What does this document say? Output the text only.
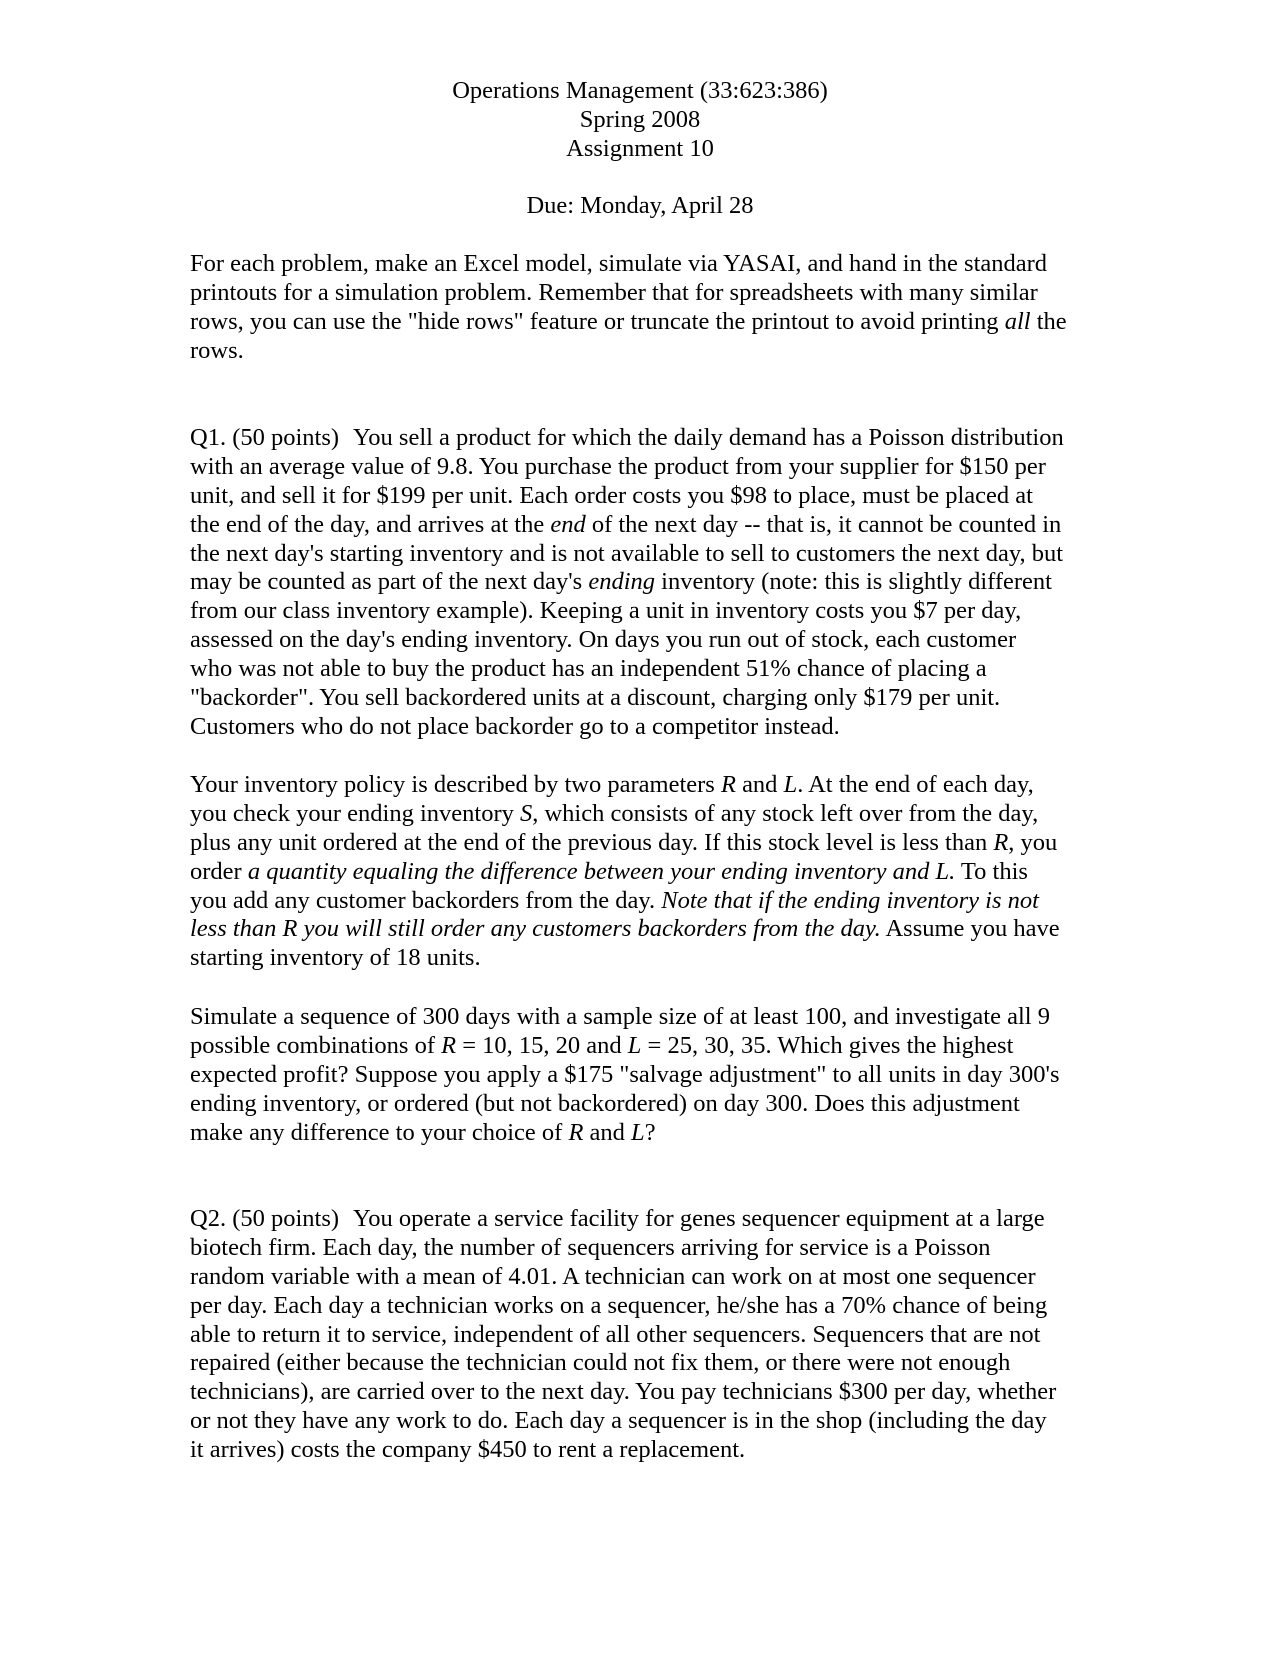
Operations Management (33:623:386)
Spring 2008
Assignment 10
Due: Monday, April 28
For each problem, make an Excel model, simulate via YASAI, and hand in the standard
printouts for a simulation problem. Remember that for spreadsheets with many similar
rows, you can use the "hide rows" feature or truncate the printout to avoid printing all the
rows.
Q1. (50 points) You sell a product for which the daily demand has a Poisson distribution
with an average value of 9.8. You purchase the product from your supplier for $150 per
unit, and sell it for $199 per unit. Each order costs you $98 to place, must be placed at
the end of the day, and arrives at the end of the next day -- that is, it cannot be counted in
the next day's starting inventory and is not available to sell to customers the next day, but
may be counted as part of the next day's ending inventory (note: this is slightly different
from our class inventory example). Keeping a unit in inventory costs you $7 per day,
assessed on the day's ending inventory. On days you run out of stock, each customer
who was not able to buy the product has an independent 51% chance of placing a
"backorder". You sell backordered units at a discount, charging only $179 per unit.
Customers who do not place backorder go to a competitor instead.
Your inventory policy is described by two parameters R and L. At the end of each day,
you check your ending inventory S, which consists of any stock left over from the day,
plus any unit ordered at the end of the previous day. If this stock level is less than R, you
order a quantity equaling the difference between your ending inventory and L. To this
you add any customer backorders from the day. Note that if the ending inventory is not
less than R you will still order any customers backorders from the day. Assume you have
starting inventory of 18 units.
Simulate a sequence of 300 days with a sample size of at least 100, and investigate all 9
possible combinations of R = 10, 15, 20 and L = 25, 30, 35. Which gives the highest
expected profit? Suppose you apply a $175 "salvage adjustment" to all units in day 300's
ending inventory, or ordered (but not backordered) on day 300. Does this adjustment
make any difference to your choice of R and L?
Q2. (50 points) You operate a service facility for genes sequencer equipment at a large
biotech firm. Each day, the number of sequencers arriving for service is a Poisson
random variable with a mean of 4.01. A technician can work on at most one sequencer
per day. Each day a technician works on a sequencer, he/she has a 70% chance of being
able to return it to service, independent of all other sequencers. Sequencers that are not
repaired (either because the technician could not fix them, or there were not enough
technicians), are carried over to the next day. You pay technicians $300 per day, whether
or not they have any work to do. Each day a sequencer is in the shop (including the day
it arrives) costs the company $450 to rent a replacement.
